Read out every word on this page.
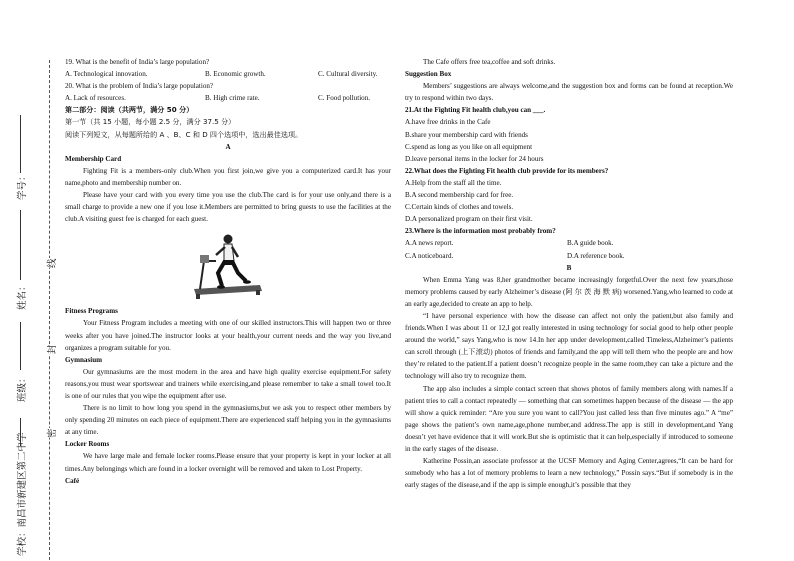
学校：南昌市新建区第二中学
班级：
姓名：
学号：
密
封
线

19. What is the benefit of India’s large population?

A. Technological innovation.	B. Economic growth.	C. Cultural diversity.

20. What is the problem of India’s large population?

A. Lack of resources.	B. High crime rate.	C. Food pollution.

第二部分：阅读（共两节，满分 50 分）

第一节（共 15 小题，每小题 2.5 分，满分 37.5 分）

阅读下列短文，从每题所给的 A 、B、C 和 D 四个选项中，选出最佳选项。

A

Membership Card

Fighting Fit is a members-only club.When you first join,we give you a computerized card.It has your name,photo and membership number on.

Please have your card with you every time you use the club.The card is for your use only,and there is a small charge to provide a new one if you lose it.Members are permitted to bring guests to use the facilities at the club.A visiting guest fee is charged for each guest.

Fitness Programs

Your Fitness Program includes a meeting with one of our skilled instructors.This will happen two or three weeks after you have joined.The instructor looks at your health,your current needs and the way you live,and organizes a program suitable for you.

Gymnasium

Our gymnasiums are the most modern in the area and have high quality exercise equipment.For safety reasons,you must wear sportswear and trainers while exercising,and please remember to take a small towel too.It is one of our rules that you wipe the equipment after use.

There is no limit to how long you spend in the gymnasiums,but we ask you to respect other members by only spending 20 minutes on each piece of equipment.There are experienced staff helping you in the gymnasiums at any time.

Locker Rooms

We have large male and female locker rooms.Please ensure that your property is kept in your locker at all times.Any belongings which are found in a locker overnight will be removed and taken to Lost Property.

Café

The Cafe offers free tea,coffee and soft drinks.

Suggestion Box

Members’ suggestions are always welcome,and the suggestion box and forms can be found at reception.We try to respond within two days.

21.At the Fighting Fit health club,you can ___.

A.have free drinks in the Cafe

B.share your membership card with friends

C.spend as long as you like on all equipment

D.leave personal items in the locker for 24 hours

22.What does the Fighting Fit health club provide for its members?

A.Help from the staff all the time.

B.A second membership card for free.

C.Certain kinds of clothes and towels.

D.A personalized program on their first visit.

23.Where is the information most probably from?

A.A news report.	B.A guide book.
C.A noticeboard.	D.A reference book.

B

When Emma Yang was 8,her grandmother became increasingly forgetful.Over the next few years,those memory problems caused by early Alzheimer’s disease (阿 尔 茨 海 默 病) worsened.Yang,who learned to code at an early age,decided to create an app to help.

“I have personal experience with how the disease can affect not only the patient,but also family and friends.When I was about 11 or 12,I got really interested in using technology for social good to help other people around the world,” says Yang,who is now 14.In her app under development,called Timeless,Alzheimer’s patients can scroll through (上下滚动) photos of friends and family,and the app will tell them who the people are and how they’re related to the patient.If a patient doesn’t recognize people in the same room,they can take a picture and the technology will also try to recognize them.

The app also includes a simple contact screen that shows photos of family members along with names.If a patient tries to call a contact repeatedly — something that can sometimes happen because of the disease — the app will show a quick reminder: “Are you sure you want to call?You just called less than five minutes ago.” A “me” page shows the patient’s own name,age,phone number,and address.The app is still in development,and Yang doesn’t yet have evidence that it will work.But she is optimistic that it can help,especially if introduced to someone in the early stages of the disease.

Katherine Possin,an associate professor at the UCSF Memory and Aging Center,agrees,“It can be hard for somebody who has a lot of memory problems to learn a new technology,” Possin says.“But if somebody is in the early stages of the disease,and if the app is simple enough,it’s possible that they
